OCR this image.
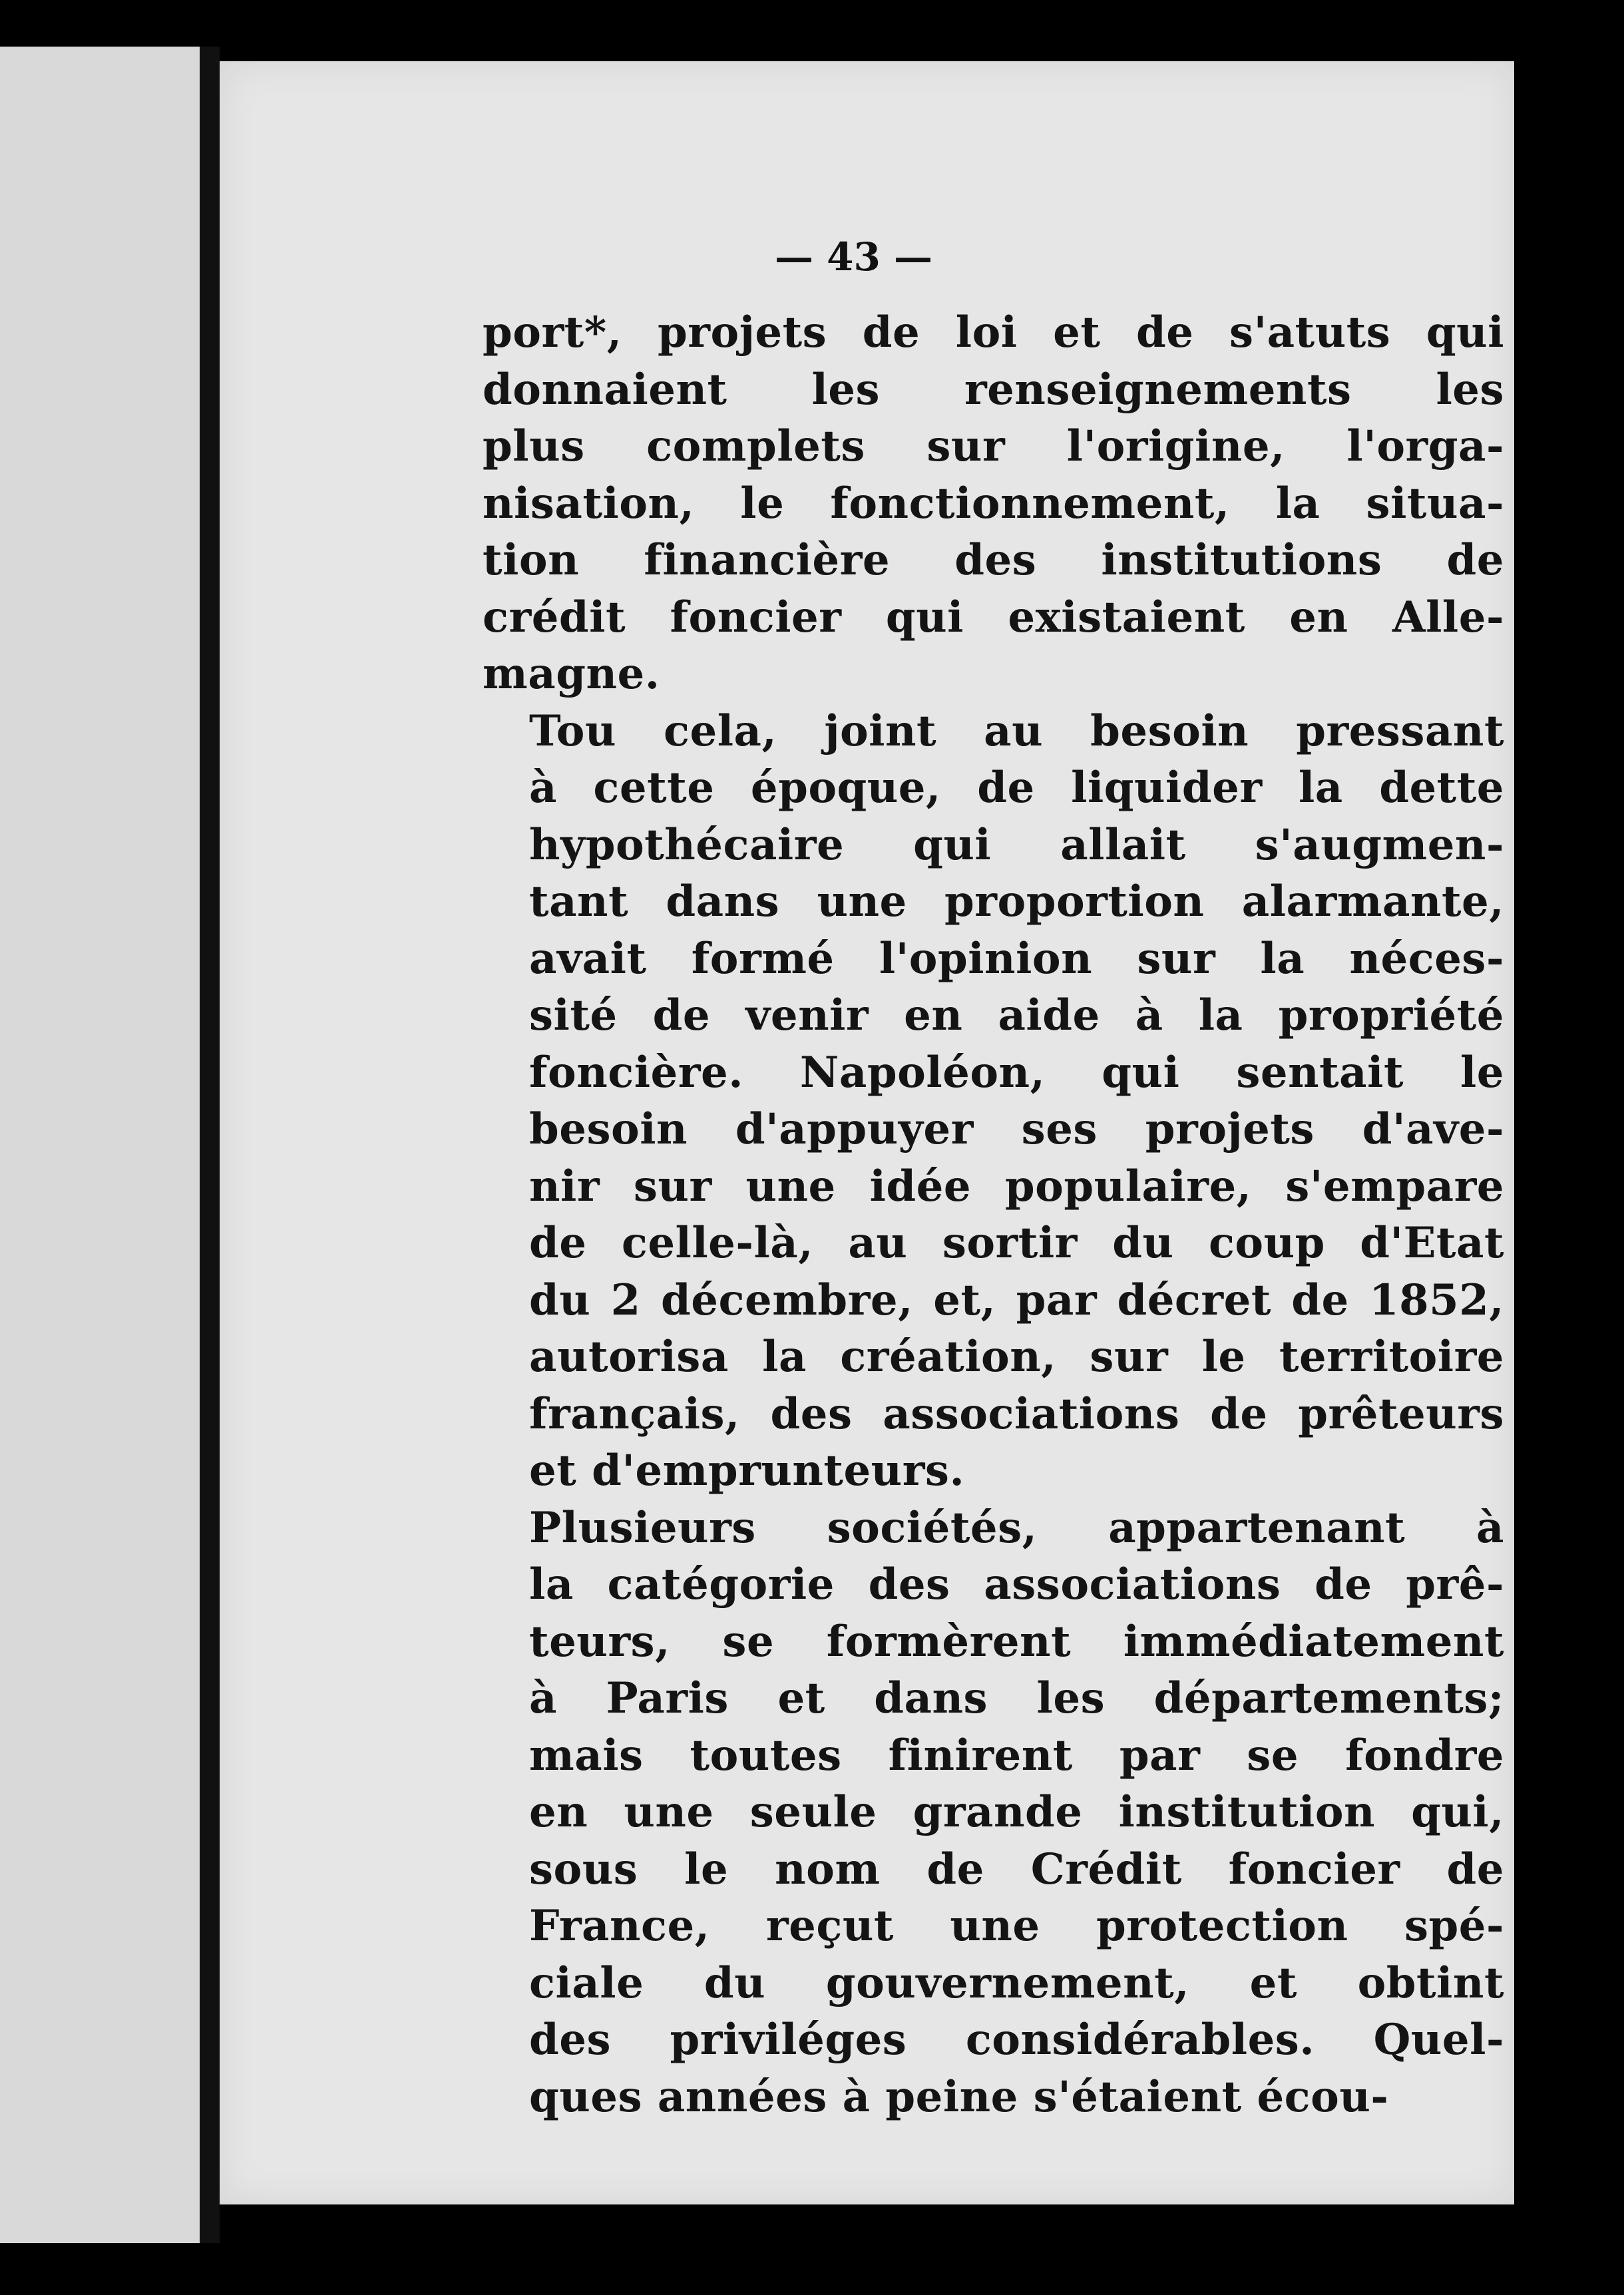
— 43 —

port*, projets de loi et de s'atuts qui
donnaient les renseignements les
plus complets sur l'origine, l'orga-
nisation, le fonctionnement, la situa-
tion financière des institutions de
crédit foncier qui existaient en Alle-
magne.

Tou cela, joint au besoin pressant
à cette époque, de liquider la dette
hypothécaire qui allait s'augmen-
tant dans une proportion alarmante,
avait formé l'opinion sur la néces-
sité de venir en aide à la propriété
foncière. Napoléon, qui sentait le
besoin d'appuyer ses projets d'ave-
nir sur une idée populaire, s'empare
de celle-là, au sortir du coup d'Etat
du 2 décembre, et, par décret de 1852,
autorisa la création, sur le territoire
français, des associations de prêteurs
et d'emprunteurs.

Plusieurs sociétés, appartenant à
la catégorie des associations de prê-
teurs, se formèrent immédiatement
à Paris et dans les départements;
mais toutes finirent par se fondre
en une seule grande institution qui,
sous le nom de Crédit foncier de
France, reçut une protection spé-
ciale du gouvernement, et obtint
des priviléges considérables. Quel-
ques années à peine s'étaient écou-
